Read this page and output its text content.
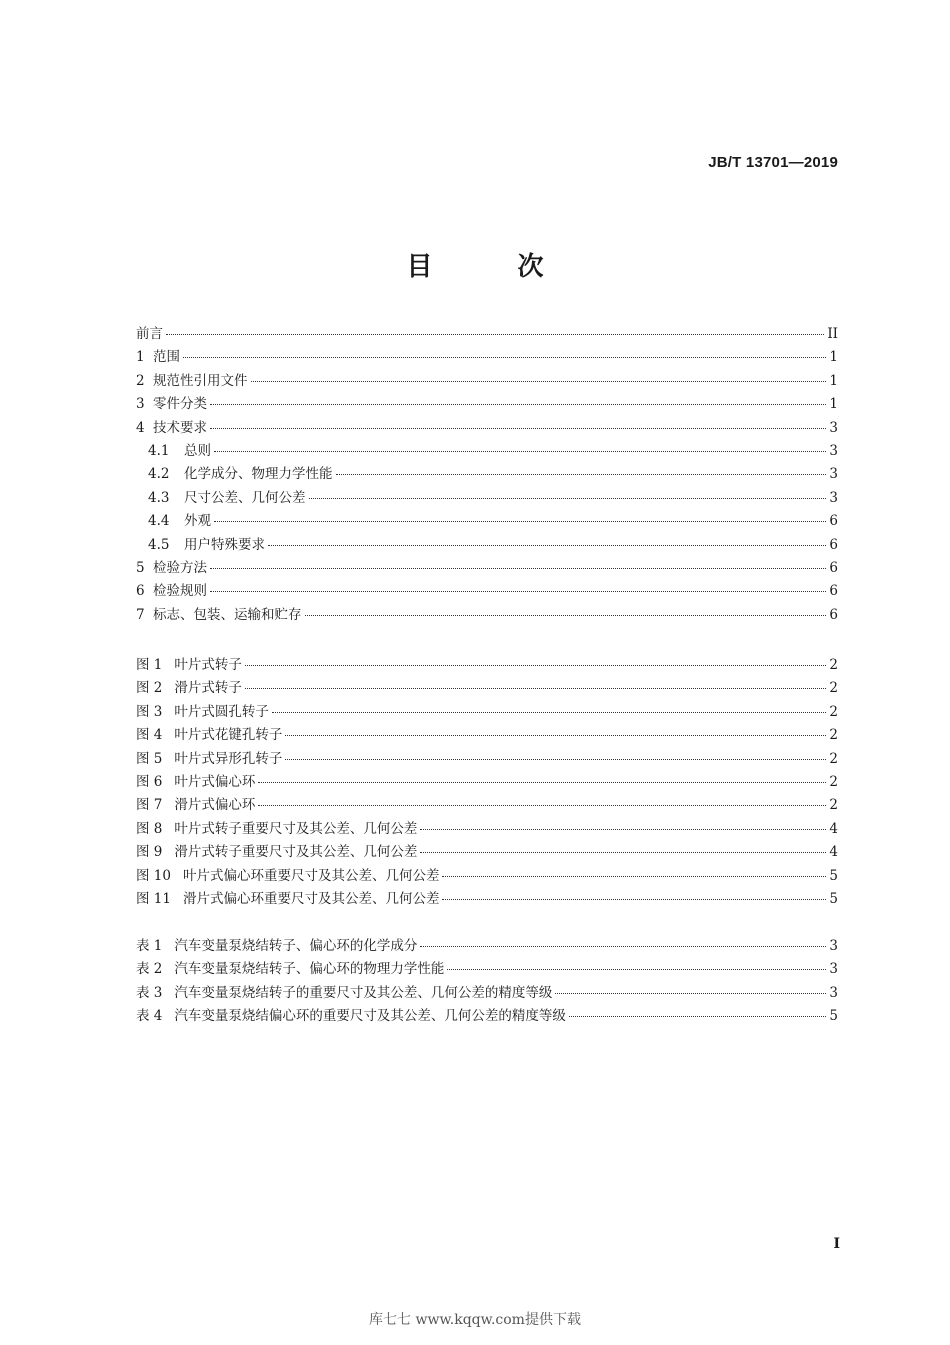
JB/T 13701—2019
目 次
前言	II
1 范围	1
2 规范性引用文件	1
3 零件分类	1
4 技术要求	3
4.1	总则	3
4.2	化学成分、物理力学性能	3
4.3	尺寸公差、几何公差	3
4.4	外观	6
4.5	用户特殊要求	6
5 检验方法	6
6 检验规则	6
7 标志、包装、运输和贮存	6
图 1 叶片式转子	2
图 2 滑片式转子	2
图 3 叶片式圆孔转子	2
图 4 叶片式花键孔转子	2
图 5 叶片式异形孔转子	2
图 6 叶片式偏心环	2
图 7 滑片式偏心环	2
图 8 叶片式转子重要尺寸及其公差、几何公差	4
图 9 滑片式转子重要尺寸及其公差、几何公差	4
图 10 叶片式偏心环重要尺寸及其公差、几何公差	5
图 11 滑片式偏心环重要尺寸及其公差、几何公差	5
表 1 汽车变量泵烧结转子、偏心环的化学成分	3
表 2 汽车变量泵烧结转子、偏心环的物理力学性能	3
表 3 汽车变量泵烧结转子的重要尺寸及其公差、几何公差的精度等级	3
表 4 汽车变量泵烧结偏心环的重要尺寸及其公差、几何公差的精度等级	5
I
库七七 www.kqqw.com提供下载
